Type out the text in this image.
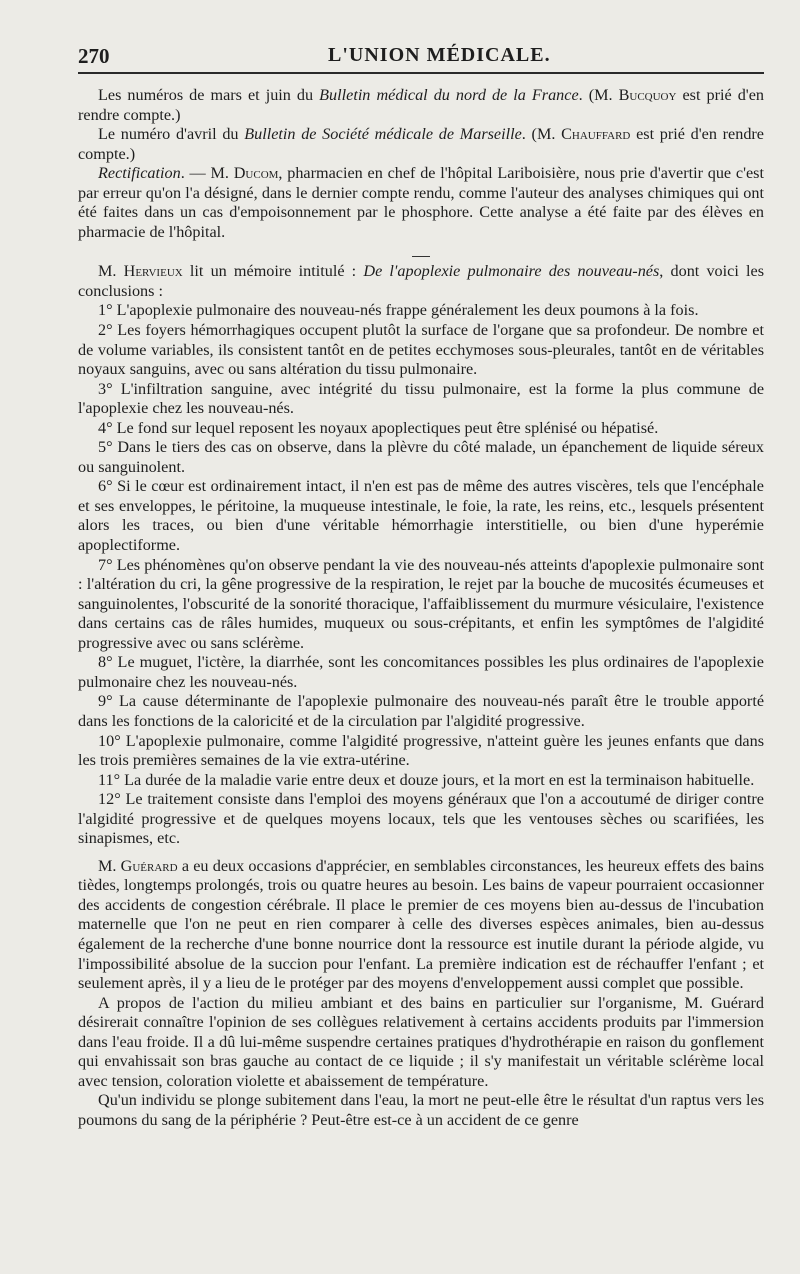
270	L'UNION MÉDICALE.

Les numéros de mars et juin du Bulletin médical du nord de la France. (M. Bucquoy est prié d'en rendre compte.)

Le numéro d'avril du Bulletin de Société médicale de Marseille. (M. Chauffard est prié d'en rendre compte.)

Rectification. — M. Ducom, pharmacien en chef de l'hôpital Lariboisière, nous prie d'avertir que c'est par erreur qu'on l'a désigné, dans le dernier compte rendu, comme l'auteur des analyses chimiques qui ont été faites dans un cas d'empoisonnement par le phosphore. Cette analyse a été faite par des élèves en pharmacie de l'hôpital.

M. Hervieux lit un mémoire intitulé : De l'apoplexie pulmonaire des nouveau-nés, dont voici les conclusions :

1° L'apoplexie pulmonaire des nouveau-nés frappe généralement les deux poumons à la fois.

2° Les foyers hémorrhagiques occupent plutôt la surface de l'organe que sa profondeur. De nombre et de volume variables, ils consistent tantôt en de petites ecchymoses sous-pleurales, tantôt en de véritables noyaux sanguins, avec ou sans altération du tissu pulmonaire.

3° L'infiltration sanguine, avec intégrité du tissu pulmonaire, est la forme la plus commune de l'apoplexie chez les nouveau-nés.

4° Le fond sur lequel reposent les noyaux apoplectiques peut être splénisé ou hépatisé.

5° Dans le tiers des cas on observe, dans la plèvre du côté malade, un épanchement de liquide séreux ou sanguinolent.

6° Si le cœur est ordinairement intact, il n'en est pas de même des autres viscères, tels que l'encéphale et ses enveloppes, le péritoine, la muqueuse intestinale, le foie, la rate, les reins, etc., lesquels présentent alors les traces, ou bien d'une véritable hémorrhagie interstitielle, ou bien d'une hyperémie apoplectiforme.

7° Les phénomènes qu'on observe pendant la vie des nouveau-nés atteints d'apoplexie pulmonaire sont : l'altération du cri, la gêne progressive de la respiration, le rejet par la bouche de mucosités écumeuses et sanguinolentes, l'obscurité de la sonorité thoracique, l'affaiblissement du murmure vésiculaire, l'existence dans certains cas de râles humides, muqueux ou sous-crépitants, et enfin les symptômes de l'algidité progressive avec ou sans sclérème.

8° Le muguet, l'ictère, la diarrhée, sont les concomitances possibles les plus ordinaires de l'apoplexie pulmonaire chez les nouveau-nés.

9° La cause déterminante de l'apoplexie pulmonaire des nouveau-nés paraît être le trouble apporté dans les fonctions de la caloricité et de la circulation par l'algidité progressive.

10° L'apoplexie pulmonaire, comme l'algidité progressive, n'atteint guère les jeunes enfants que dans les trois premières semaines de la vie extra-utérine.

11° La durée de la maladie varie entre deux et douze jours, et la mort en est la terminaison habituelle.

12° Le traitement consiste dans l'emploi des moyens généraux que l'on a accoutumé de diriger contre l'algidité progressive et de quelques moyens locaux, tels que les ventouses sèches ou scarifiées, les sinapismes, etc.

M. Guérard a eu deux occasions d'apprécier, en semblables circonstances, les heureux effets des bains tièdes, longtemps prolongés, trois ou quatre heures au besoin. Les bains de vapeur pourraient occasionner des accidents de congestion cérébrale. Il place le premier de ces moyens bien au-dessus de l'incubation maternelle que l'on ne peut en rien comparer à celle des diverses espèces animales, bien au-dessus également de la recherche d'une bonne nourrice dont la ressource est inutile durant la période algide, vu l'impossibilité absolue de la succion pour l'enfant. La première indication est de réchauffer l'enfant ; et seulement après, il y a lieu de le protéger par des moyens d'enveloppement aussi complet que possible.

A propos de l'action du milieu ambiant et des bains en particulier sur l'organisme, M. Guérard désirerait connaître l'opinion de ses collègues relativement à certains accidents produits par l'immersion dans l'eau froide. Il a dû lui-même suspendre certaines pratiques d'hydrothérapie en raison du gonflement qui envahissait son bras gauche au contact de ce liquide ; il s'y manifestait un véritable sclérème local avec tension, coloration violette et abaissement de température.

Qu'un individu se plonge subitement dans l'eau, la mort ne peut-elle être le résultat d'un raptus vers les poumons du sang de la périphérie ? Peut-être est-ce à un accident de ce genre
